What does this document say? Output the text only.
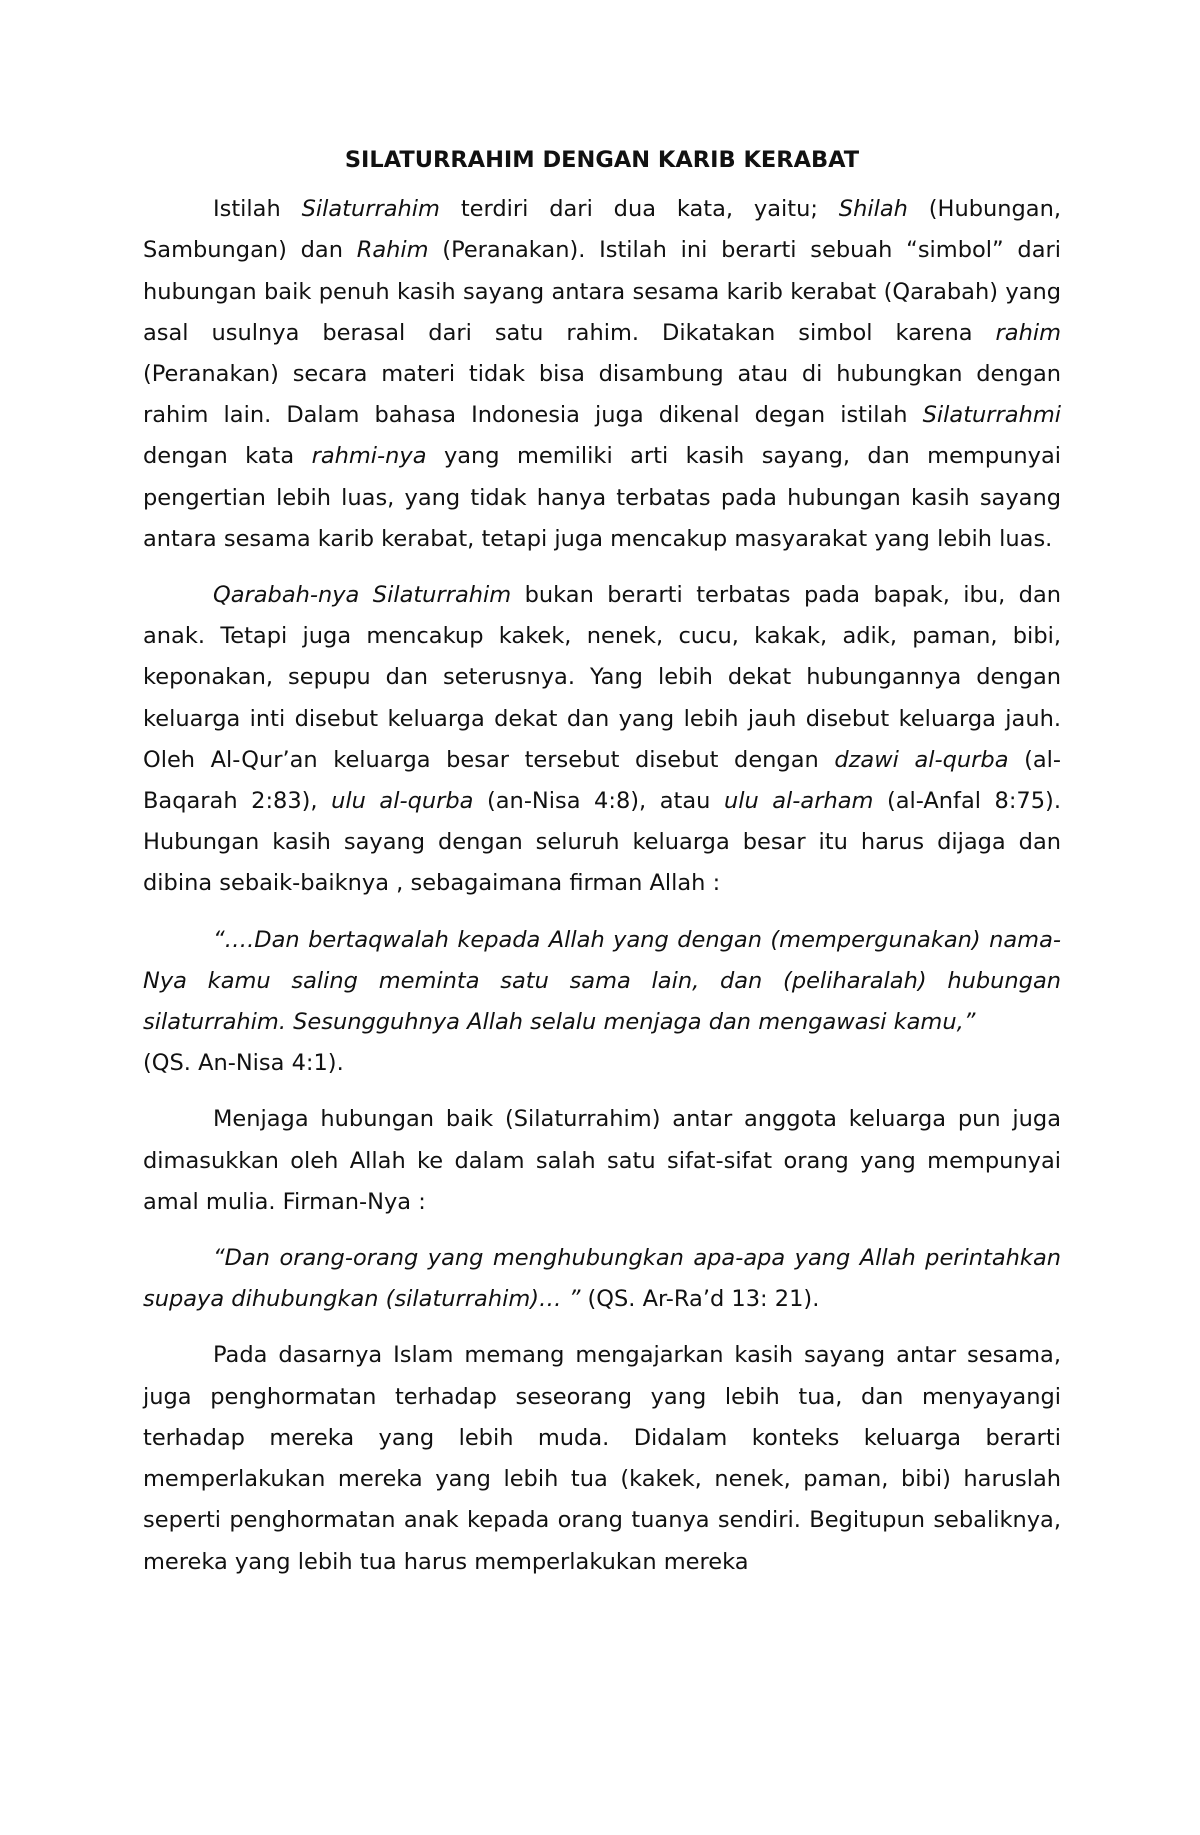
SILATURRAHIM DENGAN KARIB KERABAT

Istilah Silaturrahim terdiri dari dua kata, yaitu; Shilah (Hubungan, Sambungan) dan Rahim (Peranakan). Istilah ini berarti sebuah “simbol” dari hubungan baik penuh kasih sayang antara sesama karib kerabat (Qarabah) yang asal usulnya berasal dari satu rahim. Dikatakan simbol karena rahim (Peranakan) secara materi tidak bisa disambung atau di hubungkan dengan rahim lain. Dalam bahasa Indonesia juga dikenal degan istilah Silaturrahmi dengan kata rahmi-nya yang memiliki arti kasih sayang, dan mempunyai pengertian lebih luas, yang tidak hanya terbatas pada hubungan kasih sayang antara sesama karib kerabat, tetapi juga mencakup masyarakat yang lebih luas.

Qarabah-nya Silaturrahim bukan berarti terbatas pada bapak, ibu, dan anak. Tetapi juga mencakup kakek, nenek, cucu, kakak, adik, paman, bibi, keponakan, sepupu dan seterusnya. Yang lebih dekat hubungannya dengan keluarga inti disebut keluarga dekat dan yang lebih jauh disebut keluarga jauh. Oleh Al-Qur’an keluarga besar tersebut disebut dengan dzawi al-qurba (al-Baqarah 2:83), ulu al-qurba (an-Nisa 4:8), atau ulu al-arham (al-Anfal 8:75). Hubungan kasih sayang dengan seluruh keluarga besar itu harus dijaga dan dibina sebaik-baiknya , sebagaimana firman Allah :

“….Dan bertaqwalah kepada Allah yang dengan (mempergunakan) nama-Nya kamu saling meminta satu sama lain, dan (peliharalah) hubungan silaturrahim. Sesungguhnya Allah selalu menjaga dan mengawasi kamu,”
(QS. An-Nisa 4:1).

Menjaga hubungan baik (Silaturrahim) antar anggota keluarga pun juga dimasukkan oleh Allah ke dalam salah satu sifat-sifat orang yang mempunyai amal mulia. Firman-Nya :

“Dan orang-orang yang menghubungkan apa-apa yang Allah perintahkan supaya dihubungkan (silaturrahim)… ” (QS. Ar-Ra’d 13: 21).

Pada dasarnya Islam memang mengajarkan kasih sayang antar sesama, juga penghormatan terhadap seseorang yang lebih tua, dan menyayangi terhadap mereka yang lebih muda. Didalam konteks keluarga berarti memperlakukan mereka yang lebih tua (kakek, nenek, paman, bibi) haruslah seperti penghormatan anak kepada orang tuanya sendiri. Begitupun sebaliknya, mereka yang lebih tua harus memperlakukan mereka
